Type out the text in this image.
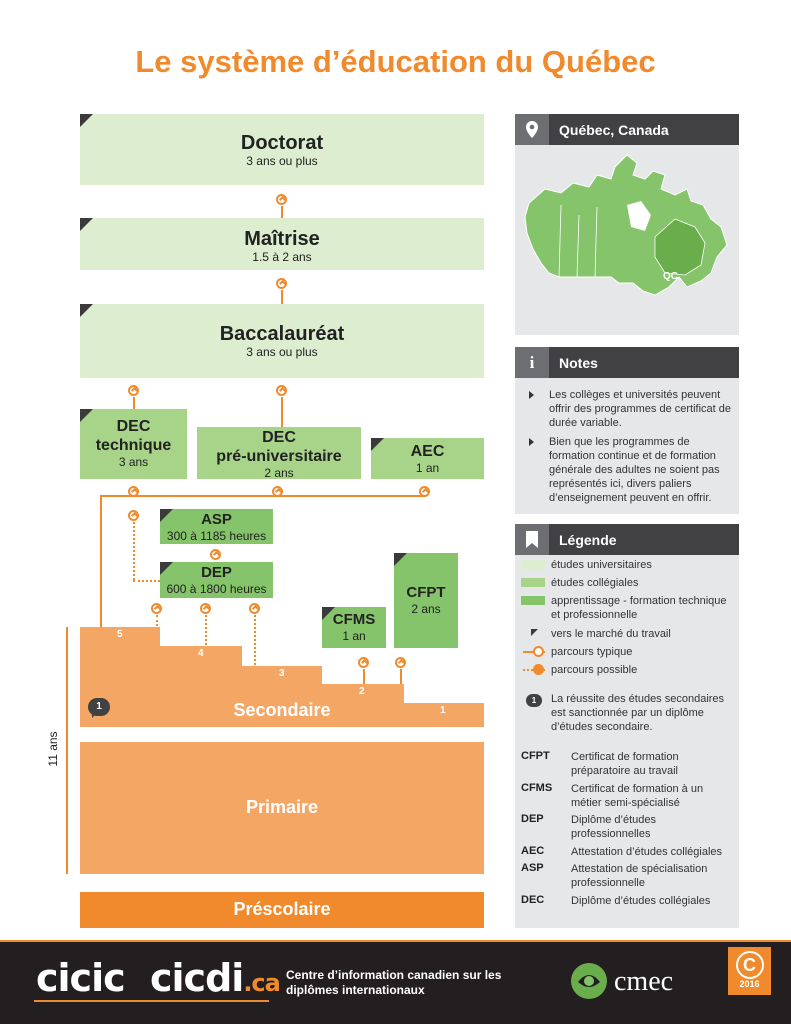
Le système d’éducation du Québec
Doctorat
3 ans ou plus
Maîtrise
1.5 à 2 ans
Baccalauréat
3 ans ou plus
DEC
technique
3 ans
DEC
pré-universitaire
2 ans
AEC
1 an
ASP
300 à 1185 heures
DEP
600 à 1800 heures
CFMS
1 an
CFPT
2 ans
5
4
3
2
1
Secondaire
1
11 ans
Primaire
Préscolaire
Québec, Canada
QC
i	Notes
Les collèges et universités peuvent offrir des programmes de certificat de durée variable.
Bien que les programmes de formation continue et de formation générale des adultes ne soient pas représentés ici, divers paliers d’enseignement peuvent en offrir.
Légende
études universitaires
études collégiales
apprentissage - formation technique et professionnelle
vers le marché du travail
parcours typique
parcours possible
1	La réussite des études secondaires est sanctionnée par un diplôme d’études secondaire.
CFPT Certificat de formation préparatoire au travail
CFMS Certificat de formation à un métier semi-spécialisé
DEP Diplôme d’études professionnelles
AEC Attestation d’études collégiales
ASP Attestation de spécialisation professionnelle
DEC Diplôme d’études collégiales
cicic cicdi.ca Centre d’information canadien sur les diplômes internationaux	cmec
C
2016
